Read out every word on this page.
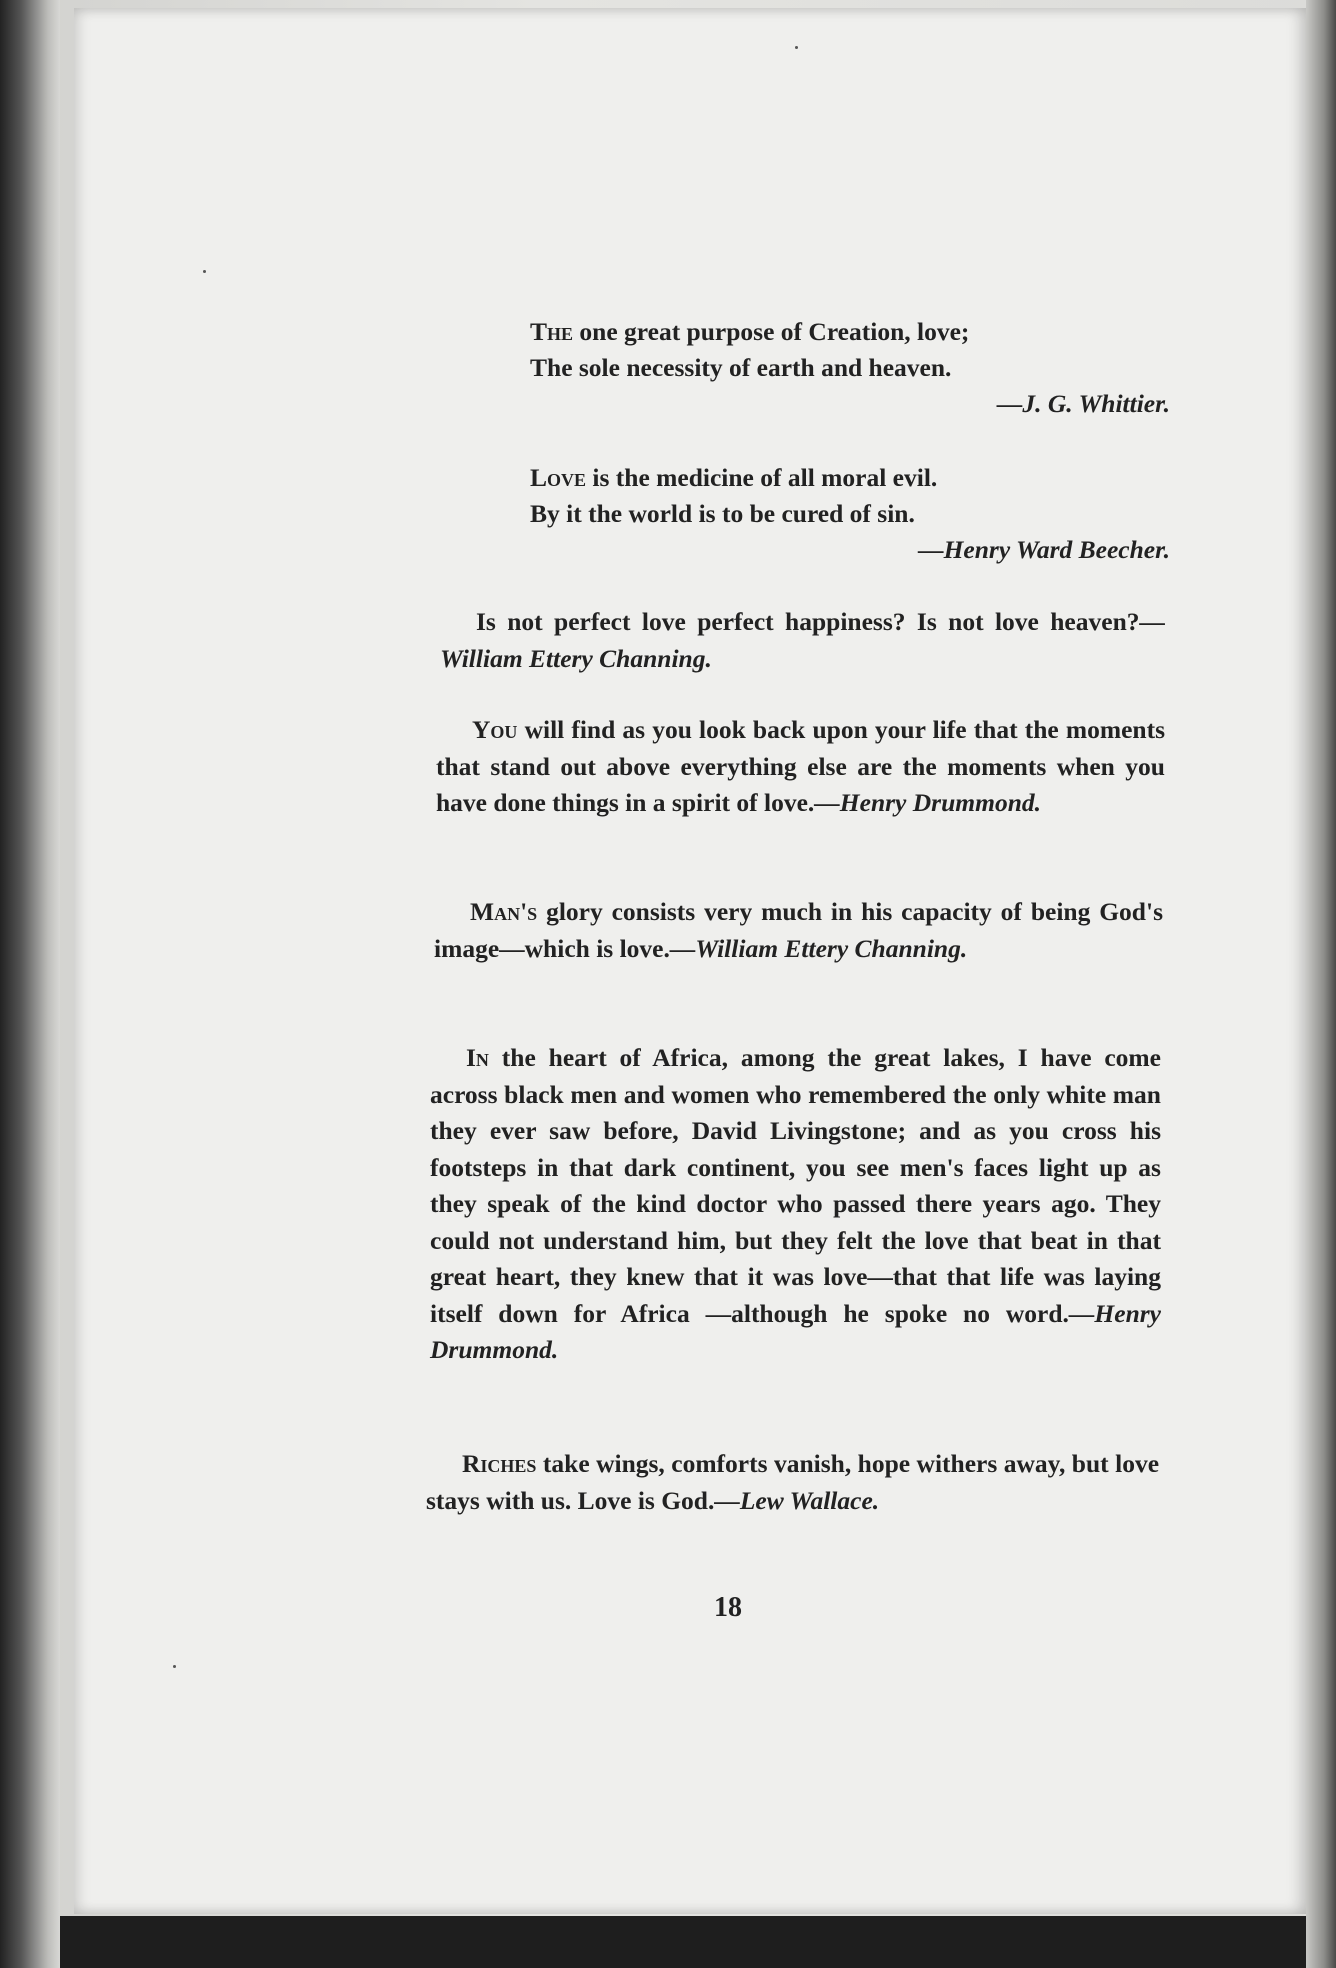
The one great purpose of Creation, love;
The sole necessity of earth and heaven.
—J. G. Whittier.
Love is the medicine of all moral evil.
By it the world is to be cured of sin.
—Henry Ward Beecher.
Is not perfect love perfect happiness? Is not love heaven?—William Ettery Channing.
You will find as you look back upon your life that the moments that stand out above everything else are the moments when you have done things in a spirit of love.—Henry Drummond.
Man's glory consists very much in his capacity of being God's image—which is love.—William Ettery Channing.
In the heart of Africa, among the great lakes, I have come across black men and women who remembered the only white man they ever saw before, David Livingstone; and as you cross his footsteps in that dark continent, you see men's faces light up as they speak of the kind doctor who passed there years ago. They could not understand him, but they felt the love that beat in that great heart, they knew that it was love—that that life was laying itself down for Africa —although he spoke no word.—Henry Drummond.
Riches take wings, comforts vanish, hope withers away, but love stays with us. Love is God.—Lew Wallace.
18
